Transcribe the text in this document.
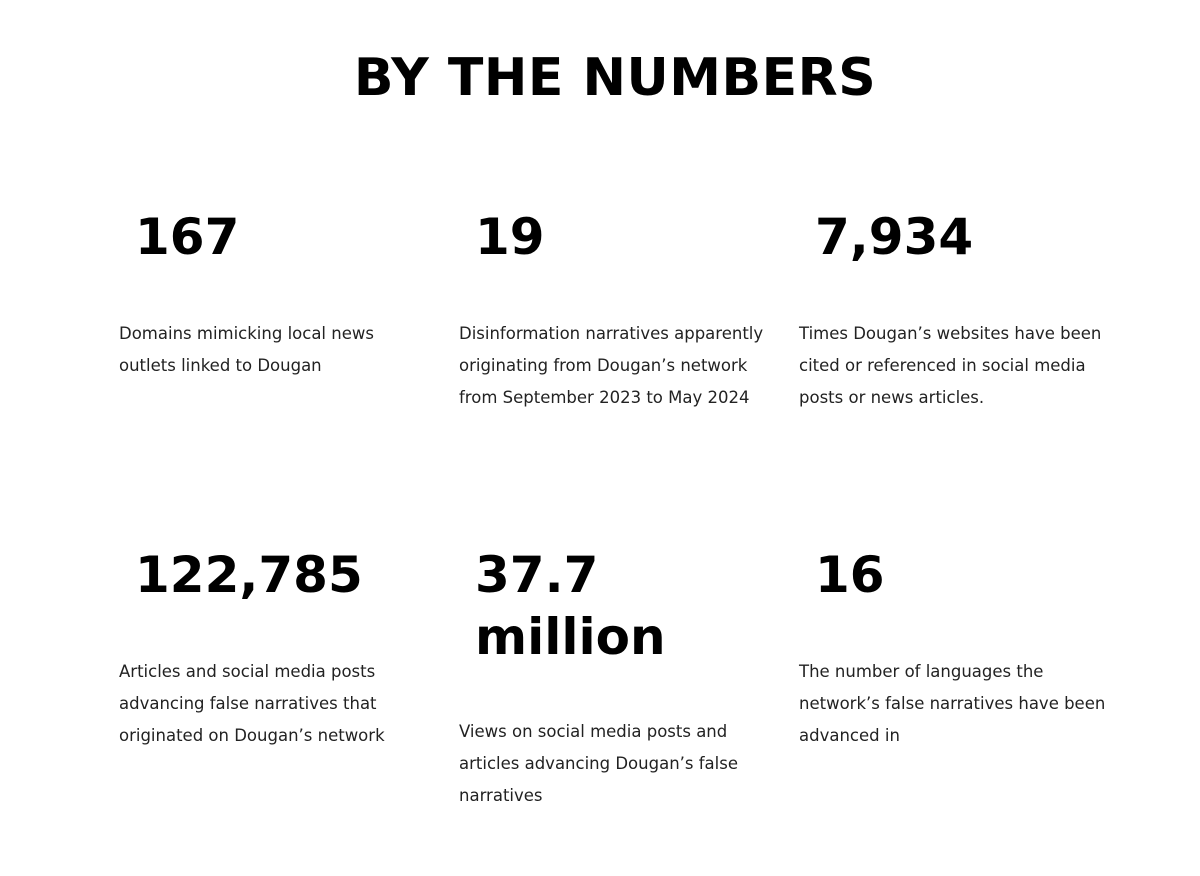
BY THE NUMBERS
167
Domains mimicking local news outlets linked to Dougan
19
Disinformation narratives apparently originating from Dougan’s network from September 2023 to May 2024
7,934
Times Dougan’s websites have been cited or referenced in social media posts or news articles.
122,785
Articles and social media posts advancing false narratives that originated on Dougan’s network
37.7 million
Views on social media posts and articles advancing Dougan’s false narratives
16
The number of languages the network’s false narratives have been advanced in
